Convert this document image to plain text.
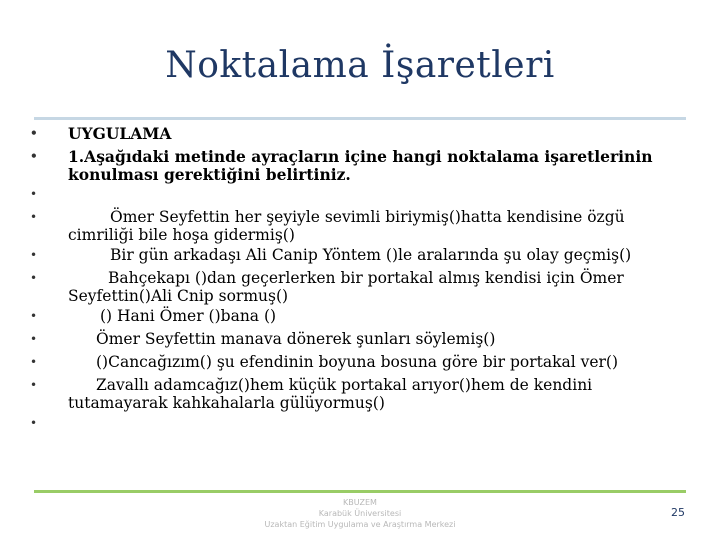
Noktalama İşaretleri
• UYGULAMA
• 1.Aşağıdaki metinde ayraçların içine hangi noktalama işaretlerinin konulması gerektiğini belirtiniz.
•
•	Ömer Seyfettin her şeyiyle sevimli biriymiş()hatta kendisine özgü cimriliği bile hoşa gidermiş()
•	Bir gün arkadaşı Ali Canip Yöntem ()le aralarında şu olay geçmiş()
•	Bahçekapı ()dan geçerlerken bir portakal almış kendisi için Ömer Seyfettin()Ali Cnip sormuş()
•	() Hani Ömer ()bana ()
•	Ömer Seyfettin manava dönerek şunları söylemiş()
•	()Cancağızım() şu efendinin boyuna bosuna göre bir portakal ver()
•	Zavallı adamcağız()hem küçük portakal arıyor()hem de kendini tutamayarak kahkahalarla gülüyormuş()
•
KBUZEM
Karabük Üniversitesi
Uzaktan Eğitim Uygulama ve Araştırma Merkezi
25
